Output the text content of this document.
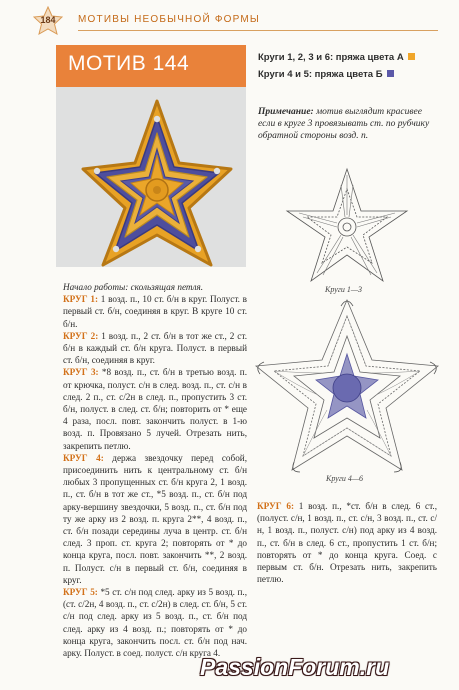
184	МОТИВЫ НЕОБЫЧНОЙ ФОРМЫ
МОТИВ 144	Круги 1, 2, 3 и 6: пряжа цвета А
Круги 4 и 5: пряжа цвета Б
Примечание: мотив выглядит красивее если в круге 3 провязывать ст. по рубчику обратной стороны возд. п.
Круги 1—3
Круги 4—6

Начало работы: скользящая петля.

КРУГ 1: 1 возд. п., 10 ст. б/н в круг. Полуст. в первый ст. б/н, соединяя в круг. В круге 10 ст. б/н.

КРУГ 2: 1 возд. п., 2 ст. б/н в тот же ст., 2 ст. б/н в каждый ст. б/н круга. Полуст. в первый ст. б/н, соединяя в круг.

КРУГ 3: *8 возд. п., ст. б/н в третью возд. п. от крючка, полуст. с/н в след. возд. п., ст. с/н в след. 2 п., ст. с/2н в след. п., пропустить 3 ст. б/н, полуст. в след. ст. б/н; повторить от * еще 4 раза, посл. повт. закончить полуст. в 1-ю возд. п. Провязано 5 лучей. Отрезать нить, закрепить петлю.

КРУГ 4: держа звездочку перед собой, присоединить нить к центральному ст. б/н любых 3 пропущенных ст. б/н круга 2, 1 возд. п., ст. б/н в тот же ст., *5 возд. п., ст. б/н под арку-вершину звездочки, 5 возд. п., ст. б/н под ту же арку из 2 возд. п. круга 2**, 4 возд. п., ст. б/н позади середины луча в центр. ст. б/н след. 3 проп. ст. круга 2; повторять от * до конца круга, посл. повт. закончить **, 2 возд. п. Полуст. с/н в первый ст. б/н, соединяя в круг.

КРУГ 5: *5 ст. с/н под след. арку из 5 возд. п., (ст. с/2н, 4 возд. п., ст. с/2н) в след. ст. б/н, 5 ст. с/н под след. арку из 5 возд. п., ст. б/н под след. арку из 4 возд. п.; повторять от * до конца круга, закончить посл. ст. б/н под нач. арку. Полуст. в соед. полуст. с/н круга 4.

КРУГ 6: 1 возд. п., *ст. б/н в след. 6 ст., (полуст. с/н, 1 возд. п., ст. с/н, 3 возд. п., ст. с/н, 1 возд. п., полуст. с/н) под арку из 4 возд. п., ст. б/н в след. 6 ст., пропустить 1 ст. б/н; повторять от * до конца круга. Соед. с первым ст. б/н. Отрезать нить, закрепить петлю.

PassionForum.ru
